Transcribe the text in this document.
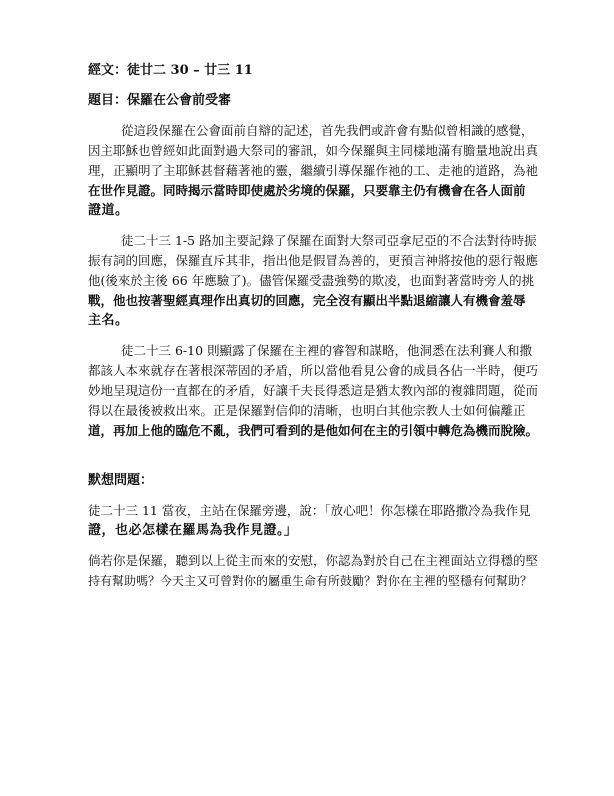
經文：徒廿二 30 – 廿三 11
題目：保羅在公會前受審
從這段保羅在公會面前自辯的記述，首先我們或許會有點似曾相識的感覺，
因主耶穌也曾經如此面對過大祭司的審訊，如今保羅與主同樣地滿有膽量地說出真
理，正顯明了主耶穌甚督藉著祂的靈，繼續引導保羅作祂的工、走祂的道路，為祂
在世作見證。同時揭示當時即使處於劣境的保羅，只要靠主仍有機會在各人面前
證道。
徒二十三 1-5 路加主要記錄了保羅在面對大祭司亞拿尼亞的不合法對待時振
振有詞的回應，保羅直斥其非，指出他是假冒為善的，更預言神將按他的惡行報應
他(後來於主後 66 年應驗了)。儘管保羅受盡強勢的欺凌，也面對著當時旁人的挑
戰，他也按著聖經真理作出真切的回應，完全沒有顯出半點退縮讓人有機會羞辱
主名。
徒二十三 6-10 則顯露了保羅在主裡的睿智和謀略，他洞悉在法利賽人和撒
都該人本來就存在著根深蒂固的矛盾，所以當他看見公會的成員各佔一半時，便巧
妙地呈現這份一直都在的矛盾，好讓千夫長得悉這是猶太教內部的複雜問題，從而
得以在最後被救出來。正是保羅對信仰的清晰，也明白其他宗教人士如何偏離正
道，再加上他的臨危不亂，我們可看到的是他如何在主的引領中轉危為機而脫險。
默想問題：
徒二十三 11 當夜，主站在保羅旁邊，說：「放心吧！你怎樣在耶路撒冷為我作見
證，也必怎樣在羅馬為我作見證。」
倘若你是保羅，聽到以上從主而來的安慰，你認為對於自己在主裡面站立得穩的堅
持有幫助嗎？今天主又可曾對你的屬重生命有所鼓勵？對你在主裡的堅穩有何幫助？
